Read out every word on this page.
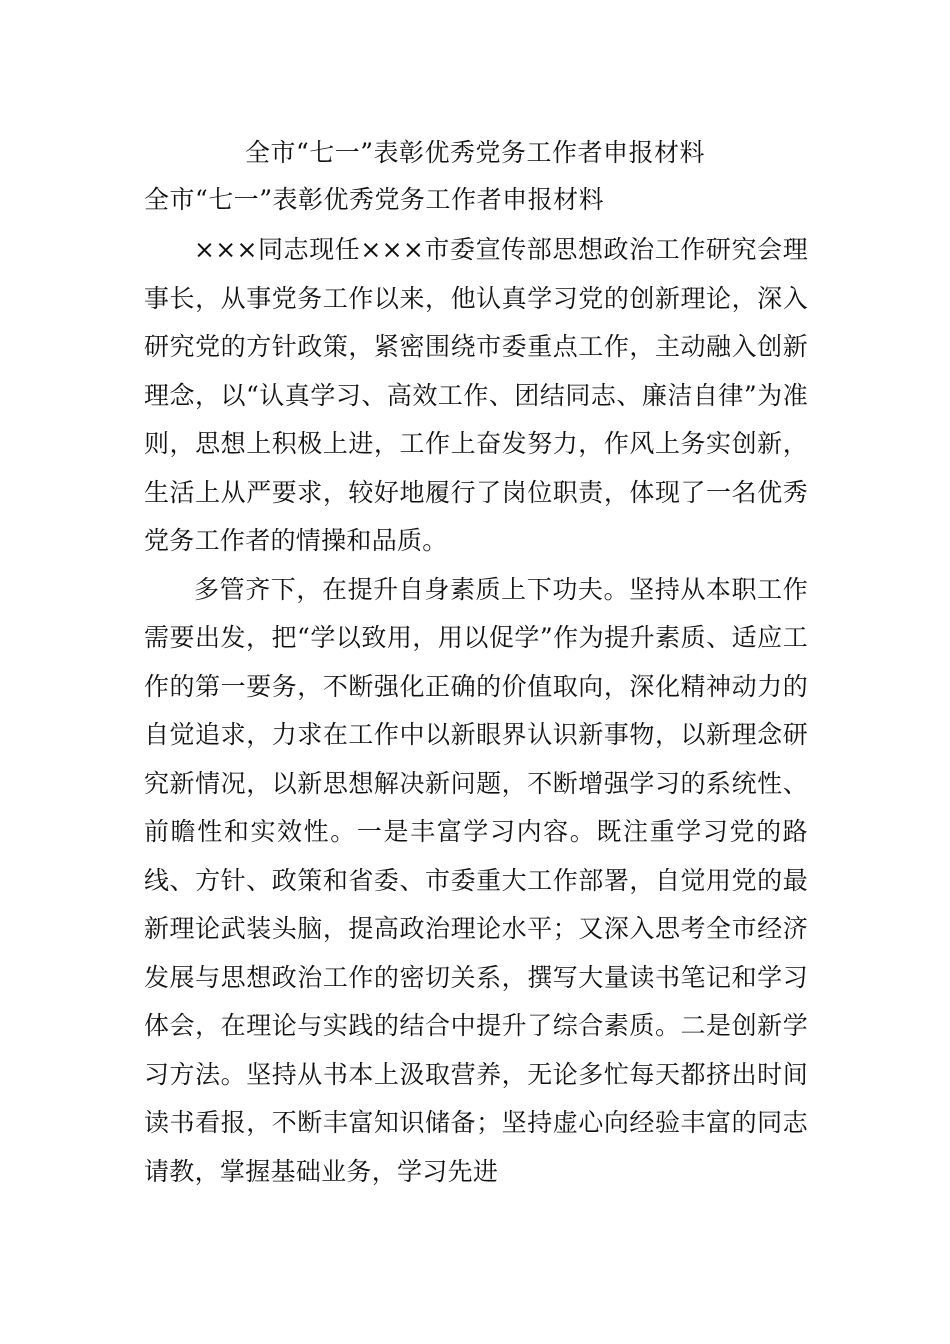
全市“七一”表彰优秀党务工作者申报材料
全市“七一”表彰优秀党务工作者申报材料

×××同志现任×××市委宣传部思想政治工作研究会理事长，从事党务工作以来，他认真学习党的创新理论，深入研究党的方针政策，紧密围绕市委重点工作，主动融入创新理念，以“认真学习、高效工作、团结同志、廉洁自律”为准则，思想上积极上进，工作上奋发努力，作风上务实创新，生活上从严要求，较好地履行了岗位职责，体现了一名优秀党务工作者的情操和品质。

多管齐下，在提升自身素质上下功夫。坚持从本职工作需要出发，把“学以致用，用以促学”作为提升素质、适应工作的第一要务，不断强化正确的价值取向，深化精神动力的自觉追求，力求在工作中以新眼界认识新事物，以新理念研究新情况，以新思想解决新问题，不断增强学习的系统性、前瞻性和实效性。一是丰富学习内容。既注重学习党的路线、方针、政策和省委、市委重大工作部署，自觉用党的最新理论武装头脑，提高政治理论水平；又深入思考全市经济发展与思想政治工作的密切关系，撰写大量读书笔记和学习体会，在理论与实践的结合中提升了综合素质。二是创新学习方法。坚持从书本上汲取营养，无论多忙每天都挤出时间读书看报，不断丰富知识储备；坚持虚心向经验丰富的同志请教，掌握基础业务，学习先进
